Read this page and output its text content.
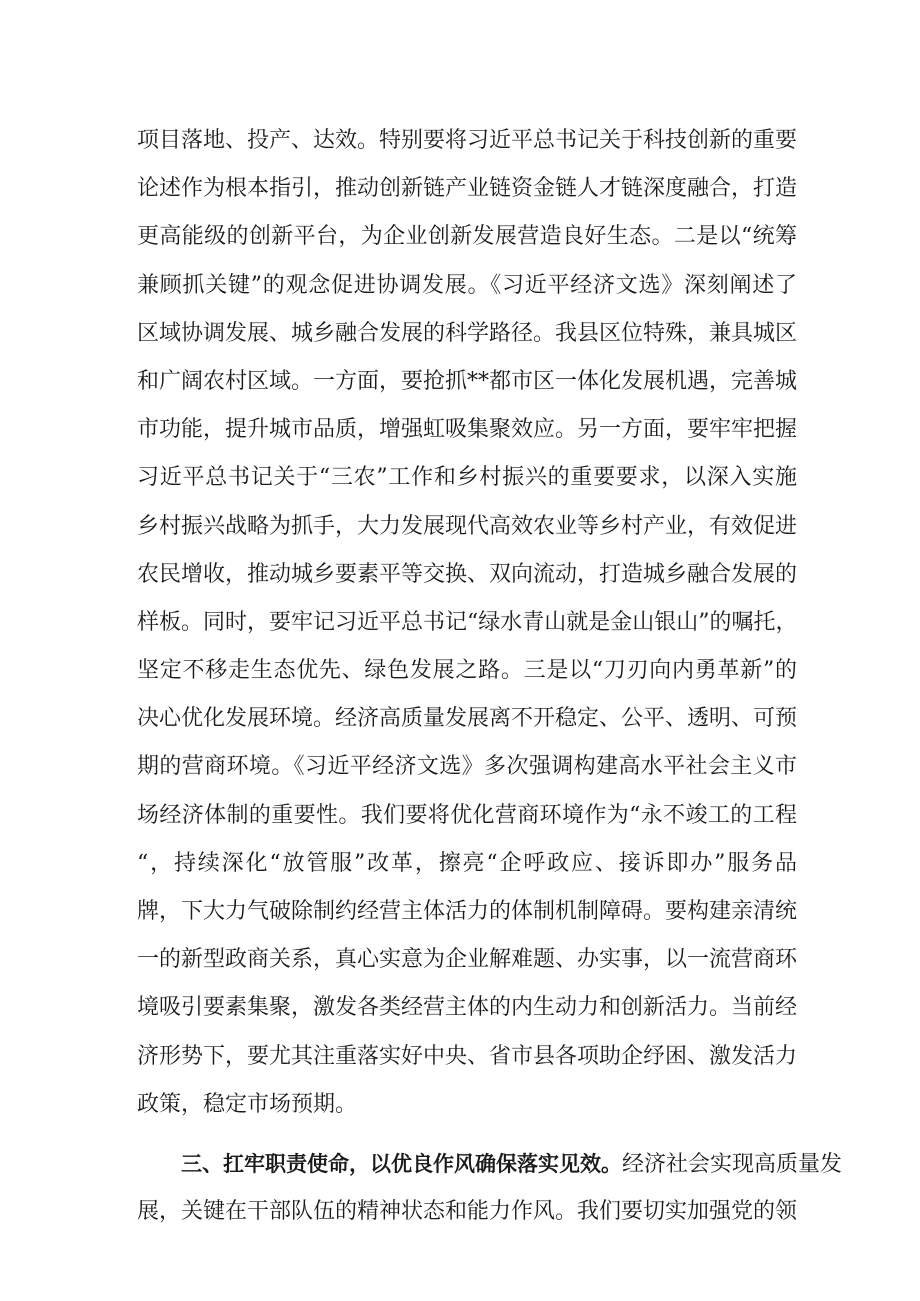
项目落地、投产、达效。特别要将习近平总书记关于科技创新的重要
论述作为根本指引，推动创新链产业链资金链人才链深度融合，打造
更高能级的创新平台，为企业创新发展营造良好生态。二是以“统筹
兼顾抓关键”的观念促进协调发展。《习近平经济文选》深刻阐述了
区域协调发展、城乡融合发展的科学路径。我县区位特殊，兼具城区
和广阔农村区域。一方面，要抢抓**都市区一体化发展机遇，完善城
市功能，提升城市品质，增强虹吸集聚效应。另一方面，要牢牢把握
习近平总书记关于“三农”工作和乡村振兴的重要要求，以深入实施
乡村振兴战略为抓手，大力发展现代高效农业等乡村产业，有效促进
农民增收，推动城乡要素平等交换、双向流动，打造城乡融合发展的
样板。同时，要牢记习近平总书记“绿水青山就是金山银山”的嘱托，
坚定不移走生态优先、绿色发展之路。三是以“刀刃向内勇革新”的
决心优化发展环境。经济高质量发展离不开稳定、公平、透明、可预
期的营商环境。《习近平经济文选》多次强调构建高水平社会主义市
场经济体制的重要性。我们要将优化营商环境作为“永不竣工的工程
“，持续深化“放管服”改革，擦亮“企呼政应、接诉即办”服务品
牌，下大力气破除制约经营主体活力的体制机制障碍。要构建亲清统
一的新型政商关系，真心实意为企业解难题、办实事，以一流营商环
境吸引要素集聚，激发各类经营主体的内生动力和创新活力。当前经
济形势下，要尤其注重落实好中央、省市县各项助企纾困、激发活力
政策，稳定市场预期。
三、扛牢职责使命，以优良作风确保落实见效。经济社会实现高质量发
展，关键在干部队伍的精神状态和能力作风。我们要切实加强党的领
